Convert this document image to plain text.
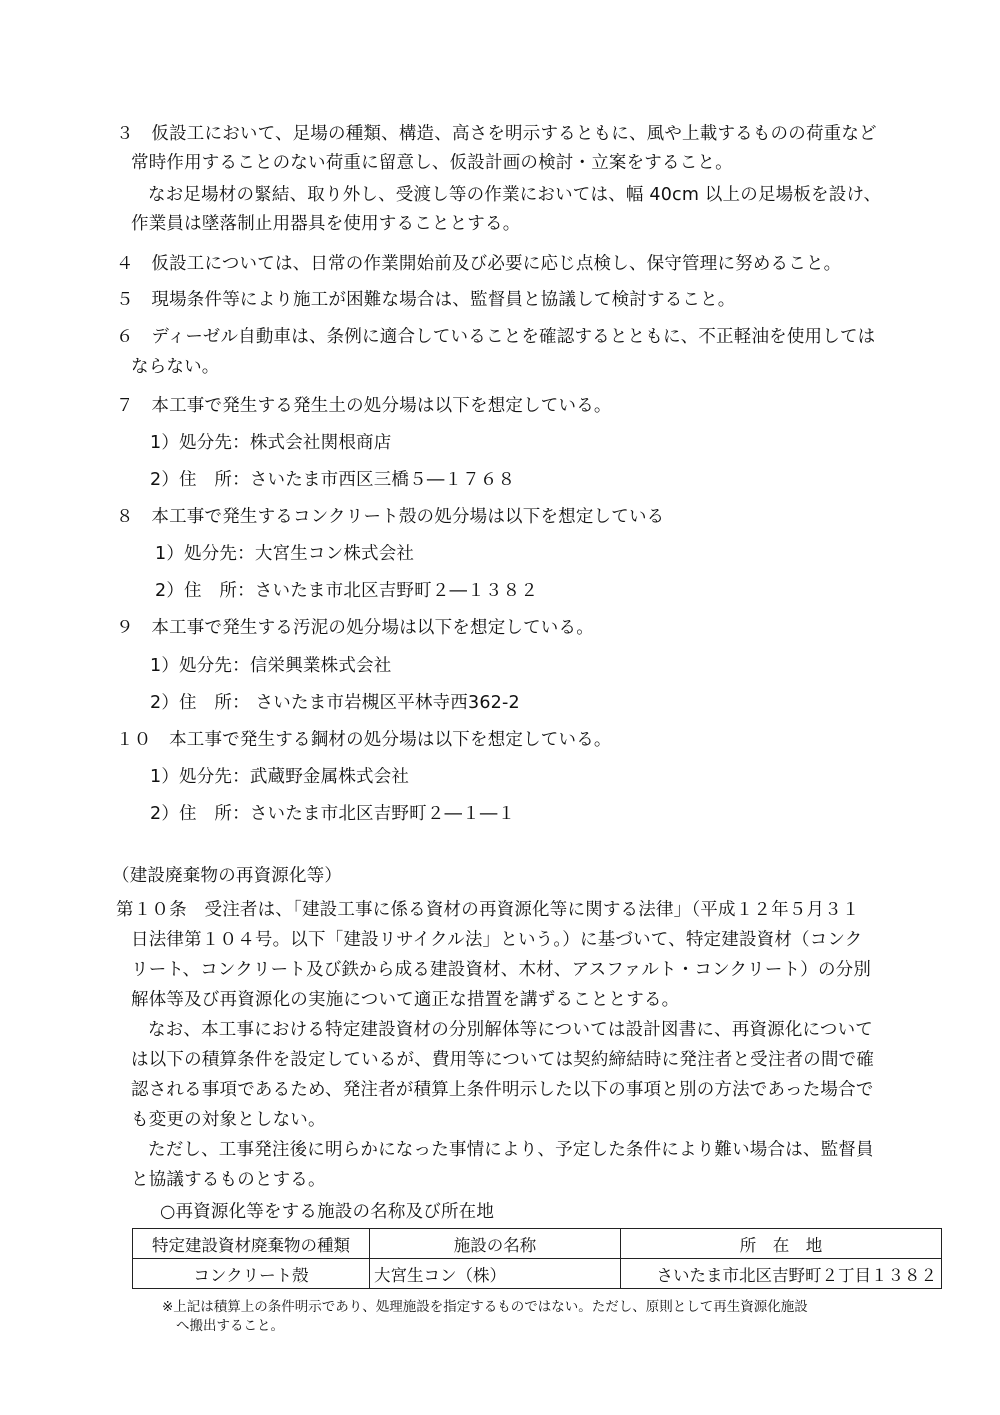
３　仮設工において、足場の種類、構造、高さを明示するともに、風や上載するものの荷重など
常時作用することのない荷重に留意し、仮設計画の検討・立案をすること。
なお足場材の緊結、取り外し、受渡し等の作業においては、幅 40cm 以上の足場板を設け、
作業員は墜落制止用器具を使用することとする。
４　仮設工については、日常の作業開始前及び必要に応じ点検し、保守管理に努めること。
５　現場条件等により施工が困難な場合は、監督員と協議して検討すること。
６　ディーゼル自動車は、条例に適合していることを確認するとともに、不正軽油を使用しては
ならない。
７　本工事で発生する発生土の処分場は以下を想定している。
1）処分先：株式会社関根商店
2）住　所：さいたま市西区三橋５―１７６８
８　本工事で発生するコンクリート殻の処分場は以下を想定している
1）処分先：大宮生コン株式会社
2）住　所：さいたま市北区吉野町２―１３８２
９　本工事で発生する汚泥の処分場は以下を想定している。
1）処分先：信栄興業株式会社
2）住　所： さいたま市岩槻区平林寺西362-2
１０　本工事で発生する鋼材の処分場は以下を想定している。
1）処分先：武蔵野金属株式会社
2）住　所：さいたま市北区吉野町２―１―１
（建設廃棄物の再資源化等）
第１０条　受注者は、「建設工事に係る資材の再資源化等に関する法律」（平成１２年５月３１
日法律第１０４号。以下「建設リサイクル法」という。）に基づいて、特定建設資材（コンク
リート、コンクリート及び鉄から成る建設資材、木材、アスファルト・コンクリート）の分別
解体等及び再資源化の実施について適正な措置を講ずることとする。
なお、本工事における特定建設資材の分別解体等については設計図書に、再資源化について
は以下の積算条件を設定しているが、費用等については契約締結時に発注者と受注者の間で確
認される事項であるため、発注者が積算上条件明示した以下の事項と別の方法であった場合で
も変更の対象としない。
ただし、工事発注後に明らかになった事情により、予定した条件により難い場合は、監督員
と協議するものとする。
○再資源化等をする施設の名称及び所在地
特定建設資材廃棄物の種類	施設の名称	所　在　地
コンクリート殻	大宮生コン（株）	さいたま市北区吉野町２丁目１３８２
※上記は積算上の条件明示であり、処理施設を指定するものではない。ただし、原則として再生資源化施設
へ搬出すること。
